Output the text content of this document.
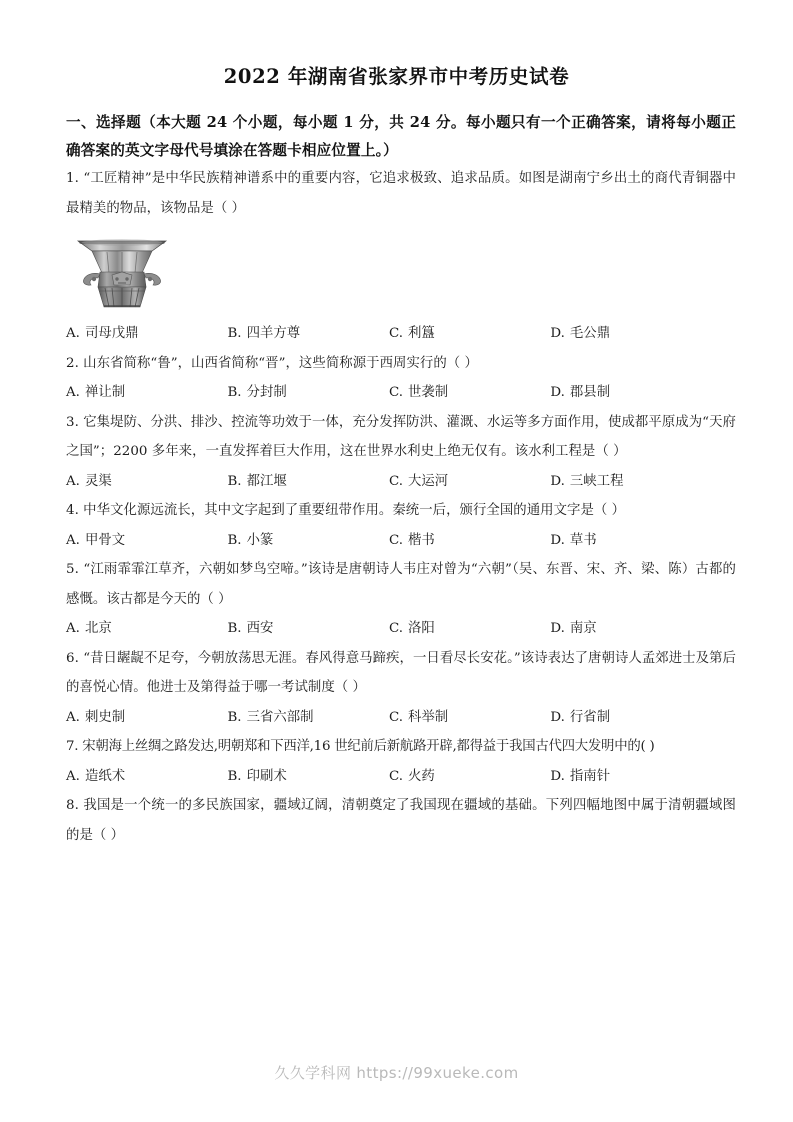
2022 年湖南省张家界市中考历史试卷
一、选择题（本大题 24 个小题，每小题 1 分，共 24 分。每小题只有一个正确答案，请将每小题正确答案的英文字母代号填涂在答题卡相应位置上。）

1. “工匠精神”是中华民族精神谱系中的重要内容，它追求极致、追求品质。如图是湖南宁乡出土的商代青铜器中最精美的物品，该物品是（ ）

A. 司母戊鼎	B. 四羊方尊	C. 利簋	D. 毛公鼎

2. 山东省简称“鲁”，山西省简称“晋”，这些简称源于西周实行的（ ）

A. 禅让制	B. 分封制	C. 世袭制	D. 郡县制

3. 它集堤防、分洪、排沙、控流等功效于一体，充分发挥防洪、灌溉、水运等多方面作用，使成都平原成为“天府之国”；2200 多年来，一直发挥着巨大作用，这在世界水利史上绝无仅有。该水利工程是（ ）

A. 灵渠	B. 都江堰	C. 大运河	D. 三峡工程

4. 中华文化源远流长，其中文字起到了重要纽带作用。秦统一后，颁行全国的通用文字是（ ）

A. 甲骨文	B. 小篆	C. 楷书	D. 草书

5. “江雨霏霏江草齐，六朝如梦鸟空啼。”该诗是唐朝诗人韦庄对曾为“六朝”（吴、东晋、宋、齐、梁、陈）古都的感慨。该古都是今天的（ ）

A. 北京	B. 西安	C. 洛阳	D. 南京

6. “昔日龌龊不足夸，今朝放荡思无涯。春风得意马蹄疾，一日看尽长安花。”该诗表达了唐朝诗人孟郊进士及第后的喜悦心情。他进士及第得益于哪一考试制度（ ）

A. 刺史制	B. 三省六部制	C. 科举制	D. 行省制

7. 宋朝海上丝绸之路发达,明朝郑和下西洋,16 世纪前后新航路开辟,都得益于我国古代四大发明中的( )

A. 造纸术	B. 印刷术	C. 火药	D. 指南针

8. 我国是一个统一的多民族国家，疆域辽阔，清朝奠定了我国现在疆域的基础。下列四幅地图中属于清朝疆域图的是（ ）

久久学科网 https://99xueke.com
